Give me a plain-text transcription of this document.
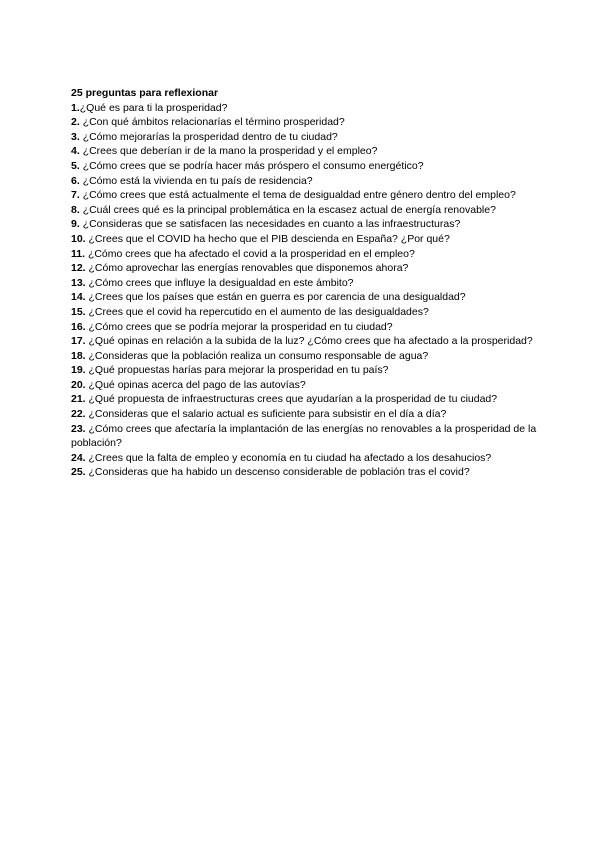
25 preguntas para reflexionar
1.¿Qué es para ti la prosperidad?
2. ¿Con qué ámbitos relacionarías el término prosperidad?
3. ¿Cómo mejorarías la prosperidad dentro de tu ciudad?
4. ¿Crees que deberían ir de la mano la prosperidad y el empleo?
5. ¿Cómo crees que se podría hacer más próspero el consumo energético?
6. ¿Cómo está la vivienda en tu país de residencia?
7. ¿Cómo crees que está actualmente el tema de desigualdad entre género dentro del empleo?
8. ¿Cuál crees qué es la principal problemática en la escasez actual de energía renovable?
9. ¿Consideras que se satisfacen las necesidades en cuanto a las infraestructuras?
10. ¿Crees que el COVID ha hecho que el PIB descienda en España? ¿Por qué?
11. ¿Cómo crees que ha afectado el covid a la prosperidad en el empleo?
12. ¿Cómo aprovechar las energías renovables que disponemos ahora?
13. ¿Cómo crees que influye la desigualdad en este ámbito?
14. ¿Crees que los países que están en guerra es por carencia de una desigualdad?
15. ¿Crees que el covid ha repercutido en el aumento de las desigualdades?
16. ¿Cómo crees que se podría mejorar la prosperidad en tu ciudad?
17. ¿Qué opinas en relación a la subida de la luz? ¿Cómo crees que ha afectado a la prosperidad?
18. ¿Consideras que la población realiza un consumo responsable de agua?
19. ¿Qué propuestas harías para mejorar la prosperidad en tu país?
20. ¿Qué opinas acerca del pago de las autovías?
21. ¿Qué propuesta de infraestructuras crees que ayudarían a la prosperidad de tu ciudad?
22. ¿Consideras que el salario actual es suficiente para subsistir en el día a día?
23. ¿Cómo crees que afectaría la implantación de las energías no renovables a la prosperidad de la población?
24. ¿Crees que la falta de empleo y economía en tu ciudad ha afectado a los desahucios?
25. ¿Consideras que ha habido un descenso considerable de población tras el covid?
